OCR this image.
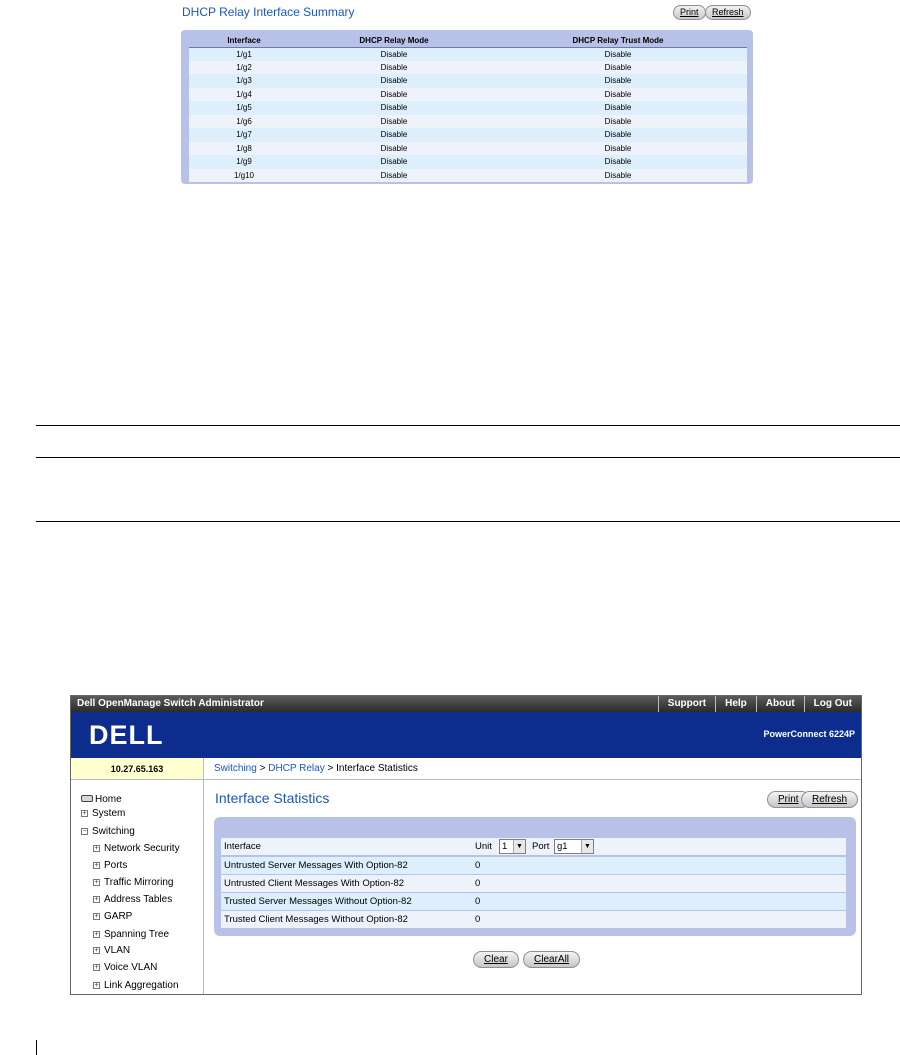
DHCP Relay Interface Summary	Print	Refresh
Interface	DHCP Relay Mode	DHCP Relay Trust Mode
1/g1	Disable	Disable
1/g2	Disable	Disable
1/g3	Disable	Disable
1/g4	Disable	Disable
1/g5	Disable	Disable
1/g6	Disable	Disable
1/g7	Disable	Disable
1/g8	Disable	Disable
1/g9	Disable	Disable
1/g10	Disable	Disable
Dell OpenManage Switch Administrator	Support	Help	About	Log Out
DELL	PowerConnect 6224P
10.27.65.163	Switching > DHCP Relay > Interface Statistics
Home
+ System
− Switching
+ Network Security
+ Ports
+ Traffic Mirroring
+ Address Tables
+ GARP
+ Spanning Tree
+ VLAN
+ Voice VLAN
+ Link Aggregation
Interface Statistics	Print	Refresh
Interface	Unit	1	▼ Port g1	▼
Untrusted Server Messages With Option-82	0
Untrusted Client Messages With Option-82	0
Trusted Server Messages Without Option-82	0
Trusted Client Messages Without Option-82	0
Clear	ClearAll
